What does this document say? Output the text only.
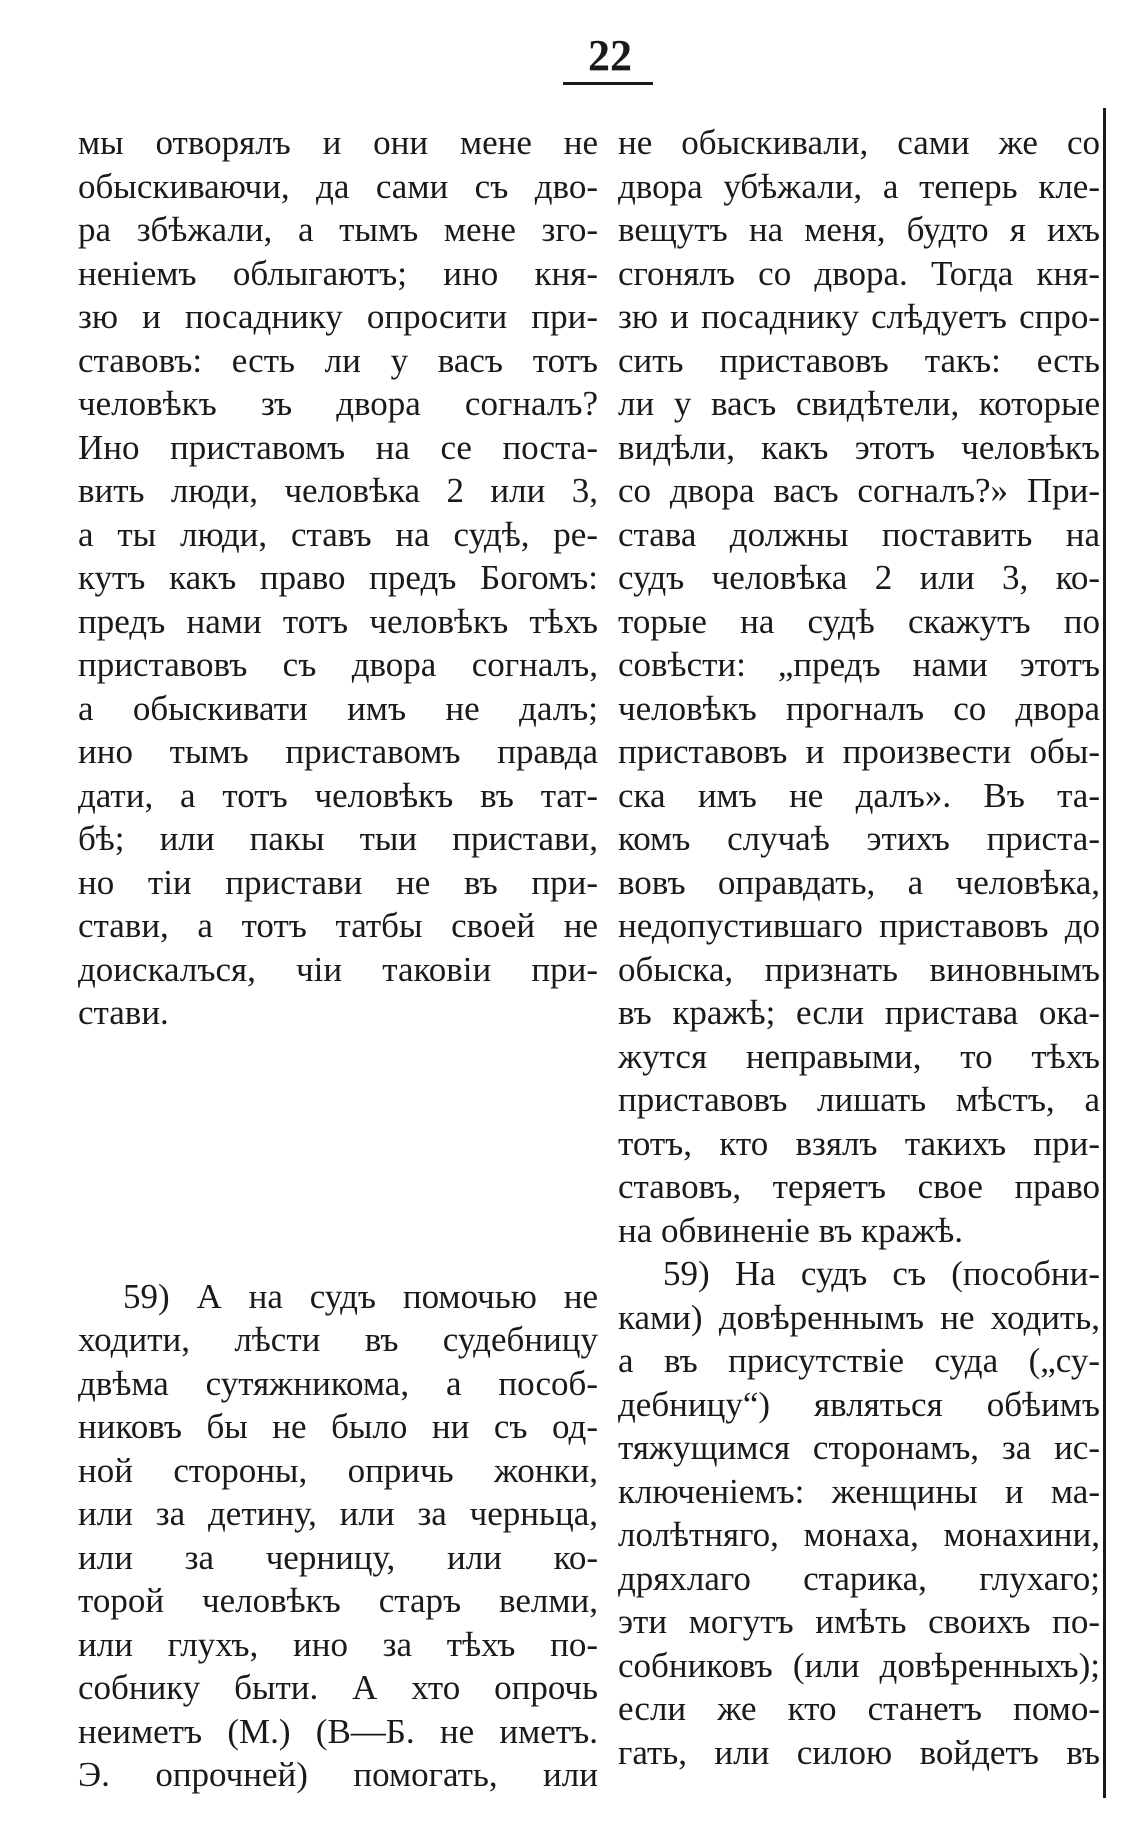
22
мы отворялъ и они мене не
обыскиваючи, да сами съ дво-
ра збѣжали, а тымъ мене зго-
неніемъ облыгаютъ; ино кня-
зю и посаднику опросити при-
ставовъ: есть ли у васъ тотъ
человѣкъ зъ двора согналъ?
Ино приставомъ на се поста-
вить люди, человѣка 2 или 3,
а ты люди, ставъ на судѣ, ре-
кутъ какъ право предъ Богомъ:
предъ нами тотъ человѣкъ тѣхъ
приставовъ съ двора согналъ,
а обыскивати имъ не далъ;
ино тымъ приставомъ правда
дати, а тотъ человѣкъ въ тат-
бѣ; или пакы тыи пристави,
но тіи пристави не въ при-
стави, а тотъ татбы своей не
доискалъся, чіи таковіи при-
стави.
59) А на судъ помочью не
ходити, лѣсти въ судебницу
двѣма сутяжникома, а пособ-
никовъ бы не было ни съ од-
ной стороны, опричь жонки,
или за детину, или за черньца,
или за черницу, или ко-
торой человѣкъ старъ велми,
или глухъ, ино за тѣхъ по-
собнику быти. А хто опрочь
неиметъ (М.) (В—Б. не иметъ.
Э. опрочней) помогать, или
не обыскивали, сами же со
двора убѣжали, а теперь кле-
вещутъ на меня, будто я ихъ
сгонялъ со двора. Тогда кня-
зю и посаднику слѣдуетъ спро-
сить приставовъ такъ: есть
ли у васъ свидѣтели, которые
видѣли, какъ этотъ человѣкъ
со двора васъ согналъ?» При-
става должны поставить на
судъ человѣка 2 или 3, ко-
торые на судѣ скажутъ по
совѣсти: „предъ нами этотъ
человѣкъ прогналъ со двора
приставовъ и произвести обы-
ска имъ не далъ». Въ та-
комъ случаѣ этихъ приста-
вовъ оправдать, а человѣка,
недопустившаго приставовъ до
обыска, признать виновнымъ
въ кражѣ; если пристава ока-
жутся неправыми, то тѣхъ
приставовъ лишать мѣстъ, а
тотъ, кто взялъ такихъ при-
ставовъ, теряетъ свое право
на обвиненіе въ кражѣ.
59) На судъ съ (пособни-
ками) довѣреннымъ не ходить,
а въ присутствіе суда („су-
дебницу“) являться обѣимъ
тяжущимся сторонамъ, за ис-
ключеніемъ: женщины и ма-
лолѣтняго, монаха, монахини,
дряхлаго старика, глухаго;
эти могутъ имѣть своихъ по-
собниковъ (или довѣренныхъ);
если же кто станетъ помо-
гать, или силою войдетъ въ
